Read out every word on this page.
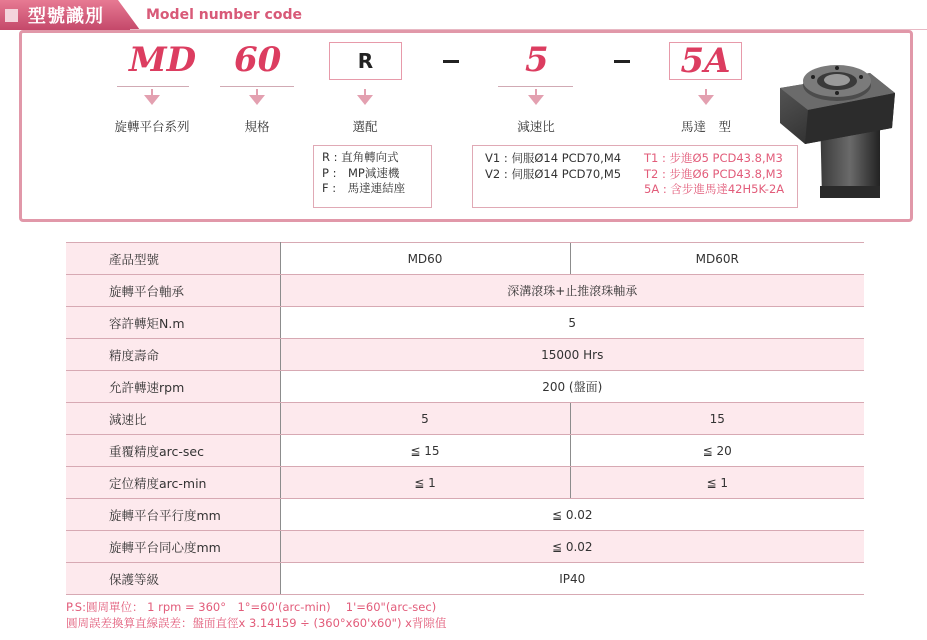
型號識別	Model number code
MD
旋轉平台系列
60
規格
R
選配
5
減速比
5A
馬達　型
R : 直角轉向式
P :　MP減速機
F :　馬達連結座
V1 : 伺服Ø14 PCD70,M4
V2 : 伺服Ø14 PCD70,M5
T1 : 步進Ø5 PCD43.8,M3
T2 : 步進Ø6 PCD43.8,M3
5A : 含步進馬達42H5K-2A
產品型號	MD60	MD60R
旋轉平台軸承	深溝滾珠+止推滾珠軸承	
容許轉矩N.m	5	
精度壽命	15000 Hrs	
允許轉速rpm	200 (盤面)	
減速比	5	15
重覆精度arc-sec	≦ 15	≦ 20
定位精度arc-min	≦ 1	≦ 1
旋轉平台平行度mm	≦ 0.02	
旋轉平台同心度mm	≦ 0.02	
保護等級	IP40	
P.S:圓周單位： 1 rpm = 360°　1°=60'(arc-min)　 1'=60"(arc-sec)
圓周誤差換算直線誤差：盤面直徑x 3.14159 ÷ (360°x60'x60") x背隙值
